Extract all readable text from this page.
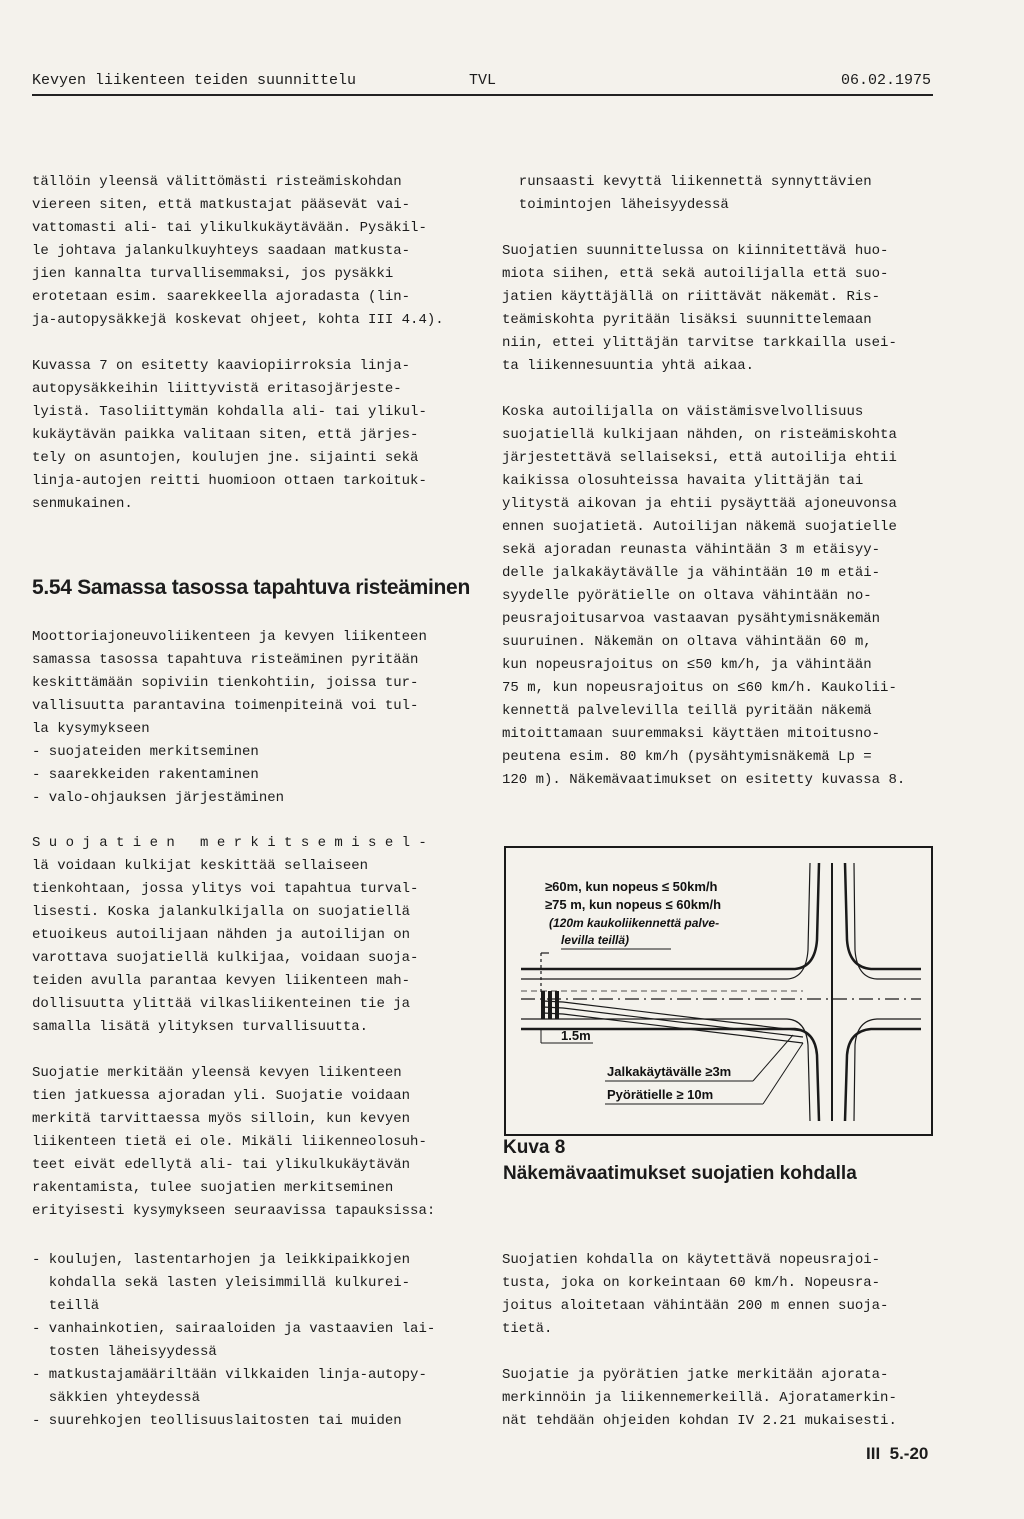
Kevyen liikenteen teiden suunnittelu	TVL	06.02.1975

tällöin yleensä välittömästi risteämiskohdan

viereen siten, että matkustajat pääsevät vai-

vattomasti ali- tai ylikulkukäytävään. Pysäkil-

le johtava jalankulkuyhteys saadaan matkusta-

jien kannalta turvallisemmaksi, jos pysäkki

erotetaan esim. saarekkeella ajoradasta (lin-

ja-autopysäkkejä koskevat ohjeet, kohta III 4.4).

Kuvassa 7 on esitetty kaaviopiirroksia linja-

autopysäkkeihin liittyvistä eritasojärjeste-

lyistä. Tasoliittymän kohdalla ali- tai ylikul-

kukäytävän paikka valitaan siten, että järjes-

tely on asuntojen, koulujen jne. sijainti sekä

linja-autojen reitti huomioon ottaen tarkoituk-

senmukainen.

5.54 Samassa tasossa tapahtuva risteäminen

Moottoriajoneuvoliikenteen ja kevyen liikenteen

samassa tasossa tapahtuva risteäminen pyritään

keskittämään sopiviin tienkohtiin, joissa tur-

vallisuutta parantavina toimenpiteinä voi tul-

la kysymykseen

- suojateiden merkitseminen

- saarekkeiden rakentaminen

- valo-ohjauksen järjestäminen

Suojatien merkitsemisel-

lä voidaan kulkijat keskittää sellaiseen

tienkohtaan, jossa ylitys voi tapahtua turval-

lisesti. Koska jalankulkijalla on suojatiellä

etuoikeus autoilijaan nähden ja autoilijan on

varottava suojatiellä kulkijaa, voidaan suoja-

teiden avulla parantaa kevyen liikenteen mah-

dollisuutta ylittää vilkasliikenteinen tie ja

samalla lisätä ylityksen turvallisuutta.

Suojatie merkitään yleensä kevyen liikenteen

tien jatkuessa ajoradan yli. Suojatie voidaan

merkitä tarvittaessa myös silloin, kun kevyen

liikenteen tietä ei ole. Mikäli liikenneolosuh-

teet eivät edellytä ali- tai ylikulkukäytävän

rakentamista, tulee suojatien merkitseminen

erityisesti kysymykseen seuraavissa tapauksissa:

- koulujen, lastentarhojen ja leikkipaikkojen

kohdalla sekä lasten yleisimmillä kulkurei-

teillä

- vanhainkotien, sairaaloiden ja vastaavien lai-

tosten läheisyydessä

- matkustajamääriltään vilkkaiden linja-autopy-

säkkien yhteydessä

- suurehkojen teollisuuslaitosten tai muiden

runsaasti kevyttä liikennettä synnyttävien

toimintojen läheisyydessä

Suojatien suunnittelussa on kiinnitettävä huo-

miota siihen, että sekä autoilijalla että suo-

jatien käyttäjällä on riittävät näkemät. Ris-

teämiskohta pyritään lisäksi suunnittelemaan

niin, ettei ylittäjän tarvitse tarkkailla usei-

ta liikennesuuntia yhtä aikaa.

Koska autoilijalla on väistämisvelvollisuus

suojatiellä kulkijaan nähden, on risteämiskohta

järjestettävä sellaiseksi, että autoilija ehtii

kaikissa olosuhteissa havaita ylittäjän tai

ylitystä aikovan ja ehtii pysäyttää ajoneuvonsa

ennen suojatietä. Autoilijan näkemä suojatielle

sekä ajoradan reunasta vähintään 3 m etäisyy-

delle jalkakäytävälle ja vähintään 10 m etäi-

syydelle pyörätielle on oltava vähintään no-

peusrajoitusarvoa vastaavan pysähtymisnäkemän

suuruinen. Näkemän on oltava vähintään 60 m,

kun nopeusrajoitus on ≤50 km/h, ja vähintään

75 m, kun nopeusrajoitus on ≤60 km/h. Kaukolii-

kennettä palvelevilla teillä pyritään näkemä

mitoittamaan suuremmaksi käyttäen mitoitusno-

peutena esim. 80 km/h (pysähtymisnäkemä Lp =

120 m). Näkemävaatimukset on esitetty kuvassa 8.

≥60m, kun nopeus ≤ 50km/h
≥75 m, kun nopeus ≤ 60km/h
(120m kaukoliikennettä palve-
levilla teillä)
1.5m
Jalkakäytävälle ≥3m
Pyörätielle ≥ 10m
Kuva 8
Näkemävaatimukset suojatien kohdalla

Suojatien kohdalla on käytettävä nopeusrajoi-

tusta, joka on korkeintaan 60 km/h. Nopeusra-

joitus aloitetaan vähintään 200 m ennen suoja-

tietä.

Suojatie ja pyörätien jatke merkitään ajorata-

merkinnöin ja liikennemerkeillä. Ajoratamerkin-

nät tehdään ohjeiden kohdan IV 2.21 mukaisesti.

III  5.-20
